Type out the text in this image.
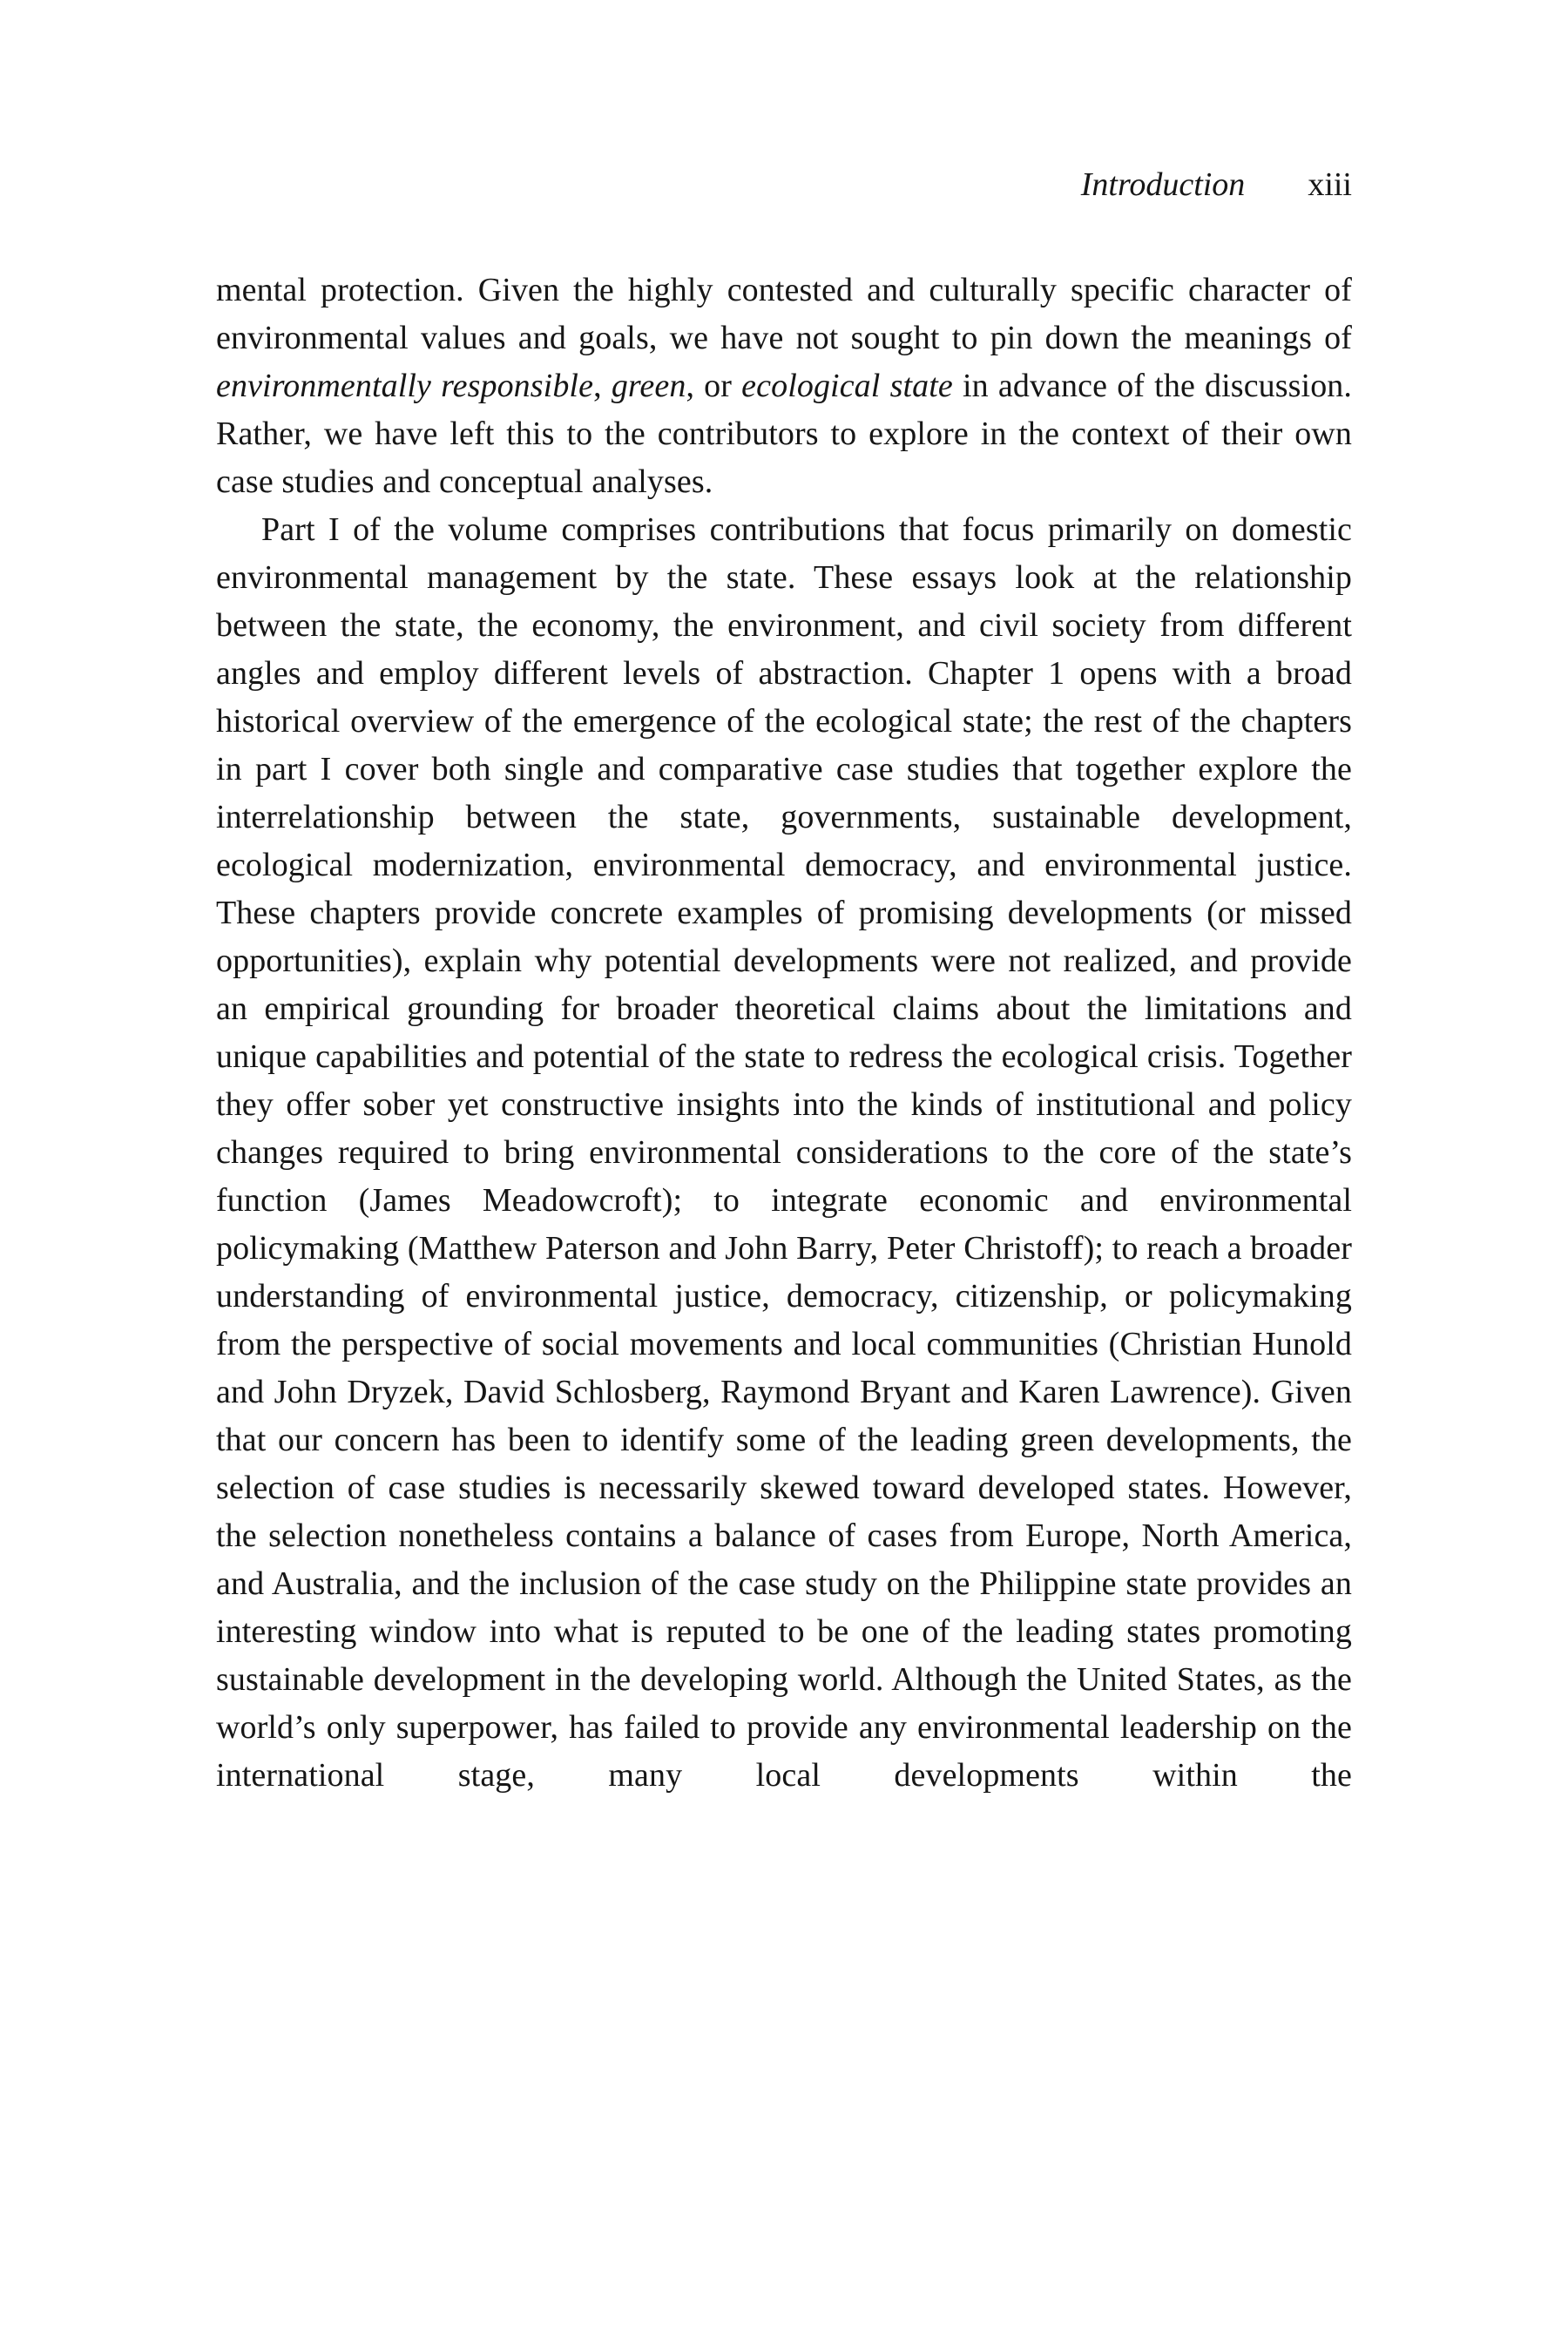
Introduction xiii

mental protection. Given the highly contested and culturally specific character of environmental values and goals, we have not sought to pin down the meanings of environmentally responsible, green, or ecological state in advance of the discussion. Rather, we have left this to the contributors to explore in the context of their own case studies and conceptual analyses.

Part I of the volume comprises contributions that focus primarily on domestic environmental management by the state. These essays look at the relationship between the state, the economy, the environment, and civil society from different angles and employ different levels of abstraction. Chapter 1 opens with a broad historical overview of the emergence of the ecological state; the rest of the chapters in part I cover both single and comparative case studies that together explore the interrelationship between the state, governments, sustainable development, ecological modernization, environmental democracy, and environmental justice. These chapters provide concrete examples of promising developments (or missed opportunities), explain why potential developments were not realized, and provide an empirical grounding for broader theoretical claims about the limitations and unique capabilities and potential of the state to redress the ecological crisis. Together they offer sober yet constructive insights into the kinds of institutional and policy changes required to bring environmental considerations to the core of the state’s function (James Meadowcroft); to integrate economic and environmental policymaking (Matthew Paterson and John Barry, Peter Christoff); to reach a broader understanding of environmental justice, democracy, citizenship, or policymaking from the perspective of social movements and local communities (Christian Hunold and John Dryzek, David Schlosberg, Raymond Bryant and Karen Lawrence). Given that our concern has been to identify some of the leading green developments, the selection of case studies is necessarily skewed toward developed states. However, the selection nonetheless contains a balance of cases from Europe, North America, and Australia, and the inclusion of the case study on the Philippine state provides an interesting window into what is reputed to be one of the leading states promoting sustainable development in the developing world. Although the United States, as the world’s only superpower, has failed to provide any environmental leadership on the international stage, many local developments within the
